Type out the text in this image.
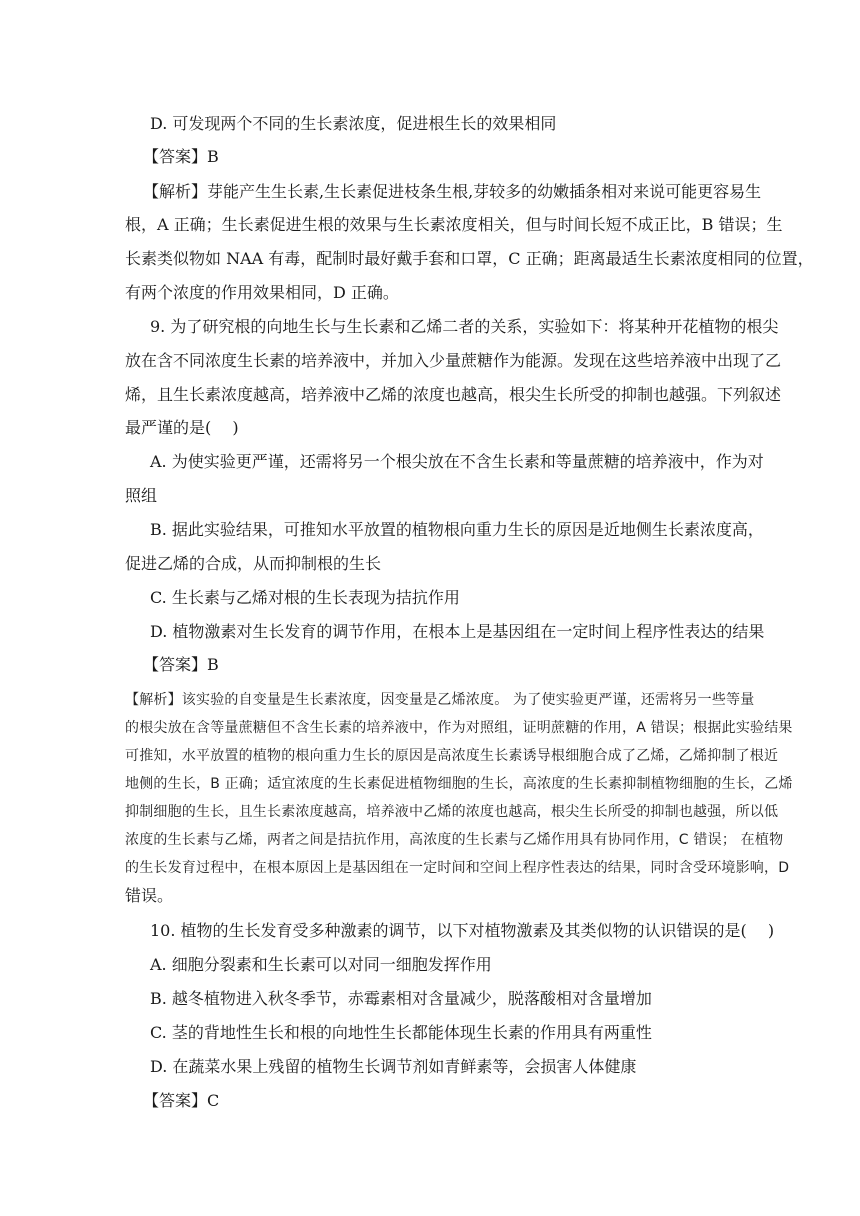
D. 可发现两个不同的生长素浓度，促进根生长的效果相同
【答案】B
【解析】芽能产生生长素,生长素促进枝条生根,芽较多的幼嫩插条相对来说可能更容易生
根，A 正确；生长素促进生根的效果与生长素浓度相关，但与时间长短不成正比，B 错误；生
长素类似物如 NAA 有毒，配制时最好戴手套和口罩，C 正确；距离最适生长素浓度相同的位置，
有两个浓度的作用效果相同，D 正确。
9. 为了研究根的向地生长与生长素和乙烯二者的关系，实验如下：将某种开花植物的根尖
放在含不同浓度生长素的培养液中，并加入少量蔗糖作为能源。发现在这些培养液中出现了乙
烯，且生长素浓度越高，培养液中乙烯的浓度也越高，根尖生长所受的抑制也越强。下列叙述
最严谨的是(　 )
A. 为使实验更严谨，还需将另一个根尖放在不含生长素和等量蔗糖的培养液中，作为对
照组
B. 据此实验结果，可推知水平放置的植物根向重力生长的原因是近地侧生长素浓度高，
促进乙烯的合成，从而抑制根的生长
C. 生长素与乙烯对根的生长表现为拮抗作用
D. 植物激素对生长发育的调节作用，在根本上是基因组在一定时间上程序性表达的结果
【答案】B
【解析】该实验的自变量是生长素浓度，因变量是乙烯浓度。 为了使实验更严谨，还需将另一些等量
的根尖放在含等量蔗糖但不含生长素的培养液中，作为对照组，证明蔗糖的作用，A 错误；根据此实验结果
可推知，水平放置的植物的根向重力生长的原因是高浓度生长素诱导根细胞合成了乙烯，乙烯抑制了根近
地侧的生长，B 正确；适宜浓度的生长素促进植物细胞的生长，高浓度的生长素抑制植物细胞的生长，乙烯
抑制细胞的生长，且生长素浓度越高，培养液中乙烯的浓度也越高，根尖生长所受的抑制也越强，所以低
浓度的生长素与乙烯，两者之间是拮抗作用，高浓度的生长素与乙烯作用具有协同作用，C 错误； 在植物
的生长发育过程中，在根本原因上是基因组在一定时间和空间上程序性表达的结果，同时含受环境影响，D
错误。
10. 植物的生长发育受多种激素的调节，以下对植物激素及其类似物的认识错误的是(　 )
A. 细胞分裂素和生长素可以对同一细胞发挥作用
B. 越冬植物进入秋冬季节，赤霉素相对含量减少，脱落酸相对含量增加
C. 茎的背地性生长和根的向地性生长都能体现生长素的作用具有两重性
D. 在蔬菜水果上残留的植物生长调节剂如青鲜素等，会损害人体健康
【答案】C
